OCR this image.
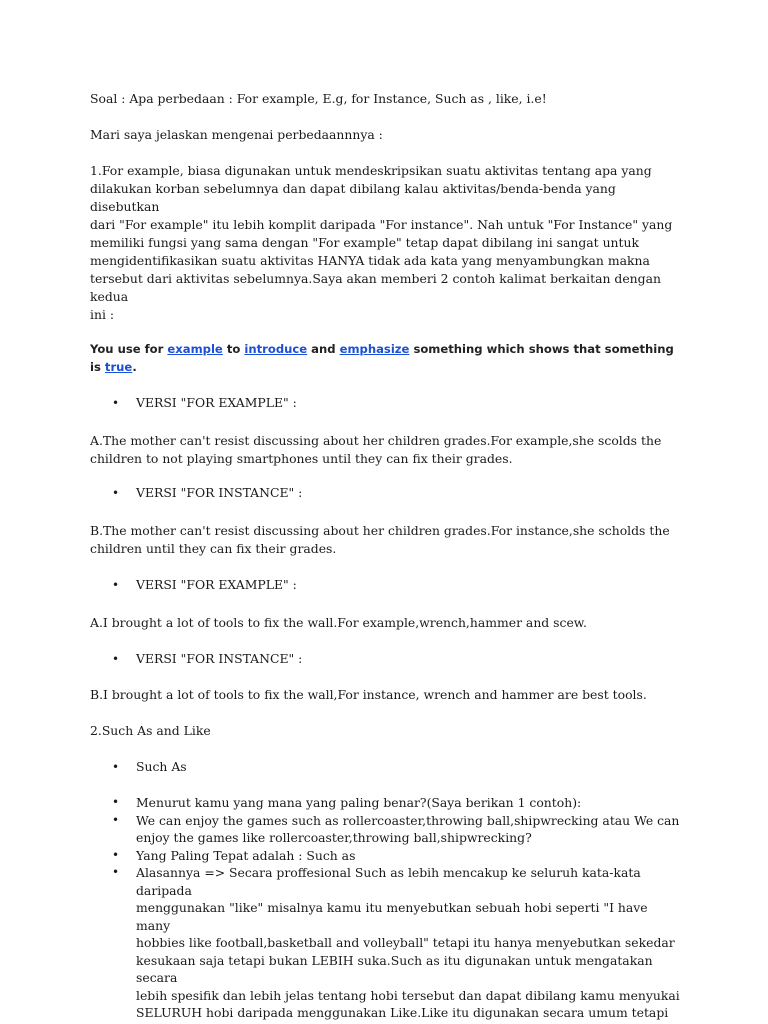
Soal : Apa perbedaan : For example, E.g, for Instance, Such as , like, i.e!

Mari saya jelaskan mengenai perbedaannnya :

1.For example, biasa digunakan untuk mendeskripsikan suatu aktivitas tentang apa yang
dilakukan korban sebelumnya dan dapat dibilang kalau aktivitas/benda-benda yang disebutkan
dari "For example" itu lebih komplit daripada "For instance". Nah untuk "For Instance" yang
memiliki fungsi yang sama dengan "For example" tetap dapat dibilang ini sangat untuk
mengidentifikasikan suatu aktivitas HANYA tidak ada kata yang menyambungkan makna
tersebut dari aktivitas sebelumnya.Saya akan memberi 2 contoh kalimat berkaitan dengan kedua
ini :

You use for example to introduce and emphasize something which shows that something is true.

• VERSI "FOR EXAMPLE" :
A.The mother can't resist discussing about her children grades.For example,she scolds the
children to not playing smartphones until they can fix their grades.
• VERSI "FOR INSTANCE" :
B.The mother can't resist discussing about her children grades.For instance,she scholds the
children until they can fix their grades.
• VERSI "FOR EXAMPLE" :
A.I brought a lot of tools to fix the wall.For example,wrench,hammer and scew.
• VERSI "FOR INSTANCE" :
B.I brought a lot of tools to fix the wall,For instance, wrench and hammer are best tools.

2.Such As and Like

• Such As
• Menurut kamu yang mana yang paling benar?(Saya berikan 1 contoh):
• We can enjoy the games such as rollercoaster,throwing ball,shipwrecking atau We can
enjoy the games like rollercoaster,throwing ball,shipwrecking?
• Yang Paling Tepat adalah : Such as
• Alasannya => Secara proffesional Such as lebih mencakup ke seluruh kata-kata daripada
menggunakan "like" misalnya kamu itu menyebutkan sebuah hobi seperti "I have many
hobbies like football,basketball and volleyball" tetapi itu hanya menyebutkan sekedar
kesukaan saja tetapi bukan LEBIH suka.Such as itu digunakan untuk mengatakan secara
lebih spesifik dan lebih jelas tentang hobi tersebut dan dapat dibilang kamu menyukai
SELURUH hobi daripada menggunakan Like.Like itu digunakan secara umum tetapi
